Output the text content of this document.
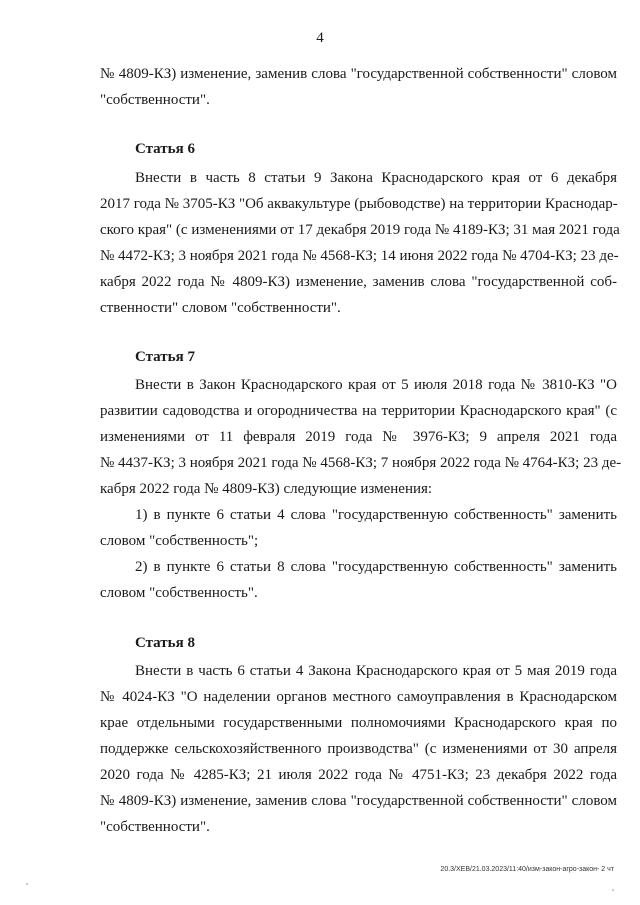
4
№ 4809-КЗ) изменение, заменив слова "государственной собственности" словом
"собственности".
Статья 6
Внести в часть 8 статьи 9 Закона Краснодарского края от 6 декабря
2017 года № 3705-КЗ "Об аквакультуре (рыбоводстве) на территории Краснодар-
ского края" (с изменениями от 17 декабря 2019 года № 4189-КЗ; 31 мая 2021 года
№ 4472-КЗ; 3 ноября 2021 года № 4568-КЗ; 14 июня 2022 года № 4704-КЗ; 23 де-
кабря 2022 года № 4809-КЗ) изменение, заменив слова "государственной соб-
ственности" словом "собственности".
Статья 7
Внести в Закон Краснодарского края от 5 июля 2018 года № 3810-КЗ "О
развитии садоводства и огородничества на территории Краснодарского края" (с
изменениями от 11 февраля 2019 года № 3976-КЗ; 9 апреля 2021 года
№ 4437-КЗ; 3 ноября 2021 года № 4568-КЗ; 7 ноября 2022 года № 4764-КЗ; 23 де-
кабря 2022 года № 4809-КЗ) следующие изменения:
1) в пункте 6 статьи 4 слова "государственную собственность" заменить
словом "собственность";
2) в пункте 6 статьи 8 слова "государственную собственность" заменить
словом "собственность".
Статья 8
Внести в часть 6 статьи 4 Закона Краснодарского края от 5 мая 2019 года
№ 4024-КЗ "О наделении органов местного самоуправления в Краснодарском
крае отдельными государственными полномочиями Краснодарского края по
поддержке сельскохозяйственного производства" (с изменениями от 30 апреля
2020 года № 4285-КЗ; 21 июля 2022 года № 4751-КЗ; 23 декабря 2022 года
№ 4809-КЗ) изменение, заменив слова "государственной собственности" словом
"собственности".
20.3/ХЕВ/21.03.2023/11:40/изм-закон-агро-закон- 2 чт
